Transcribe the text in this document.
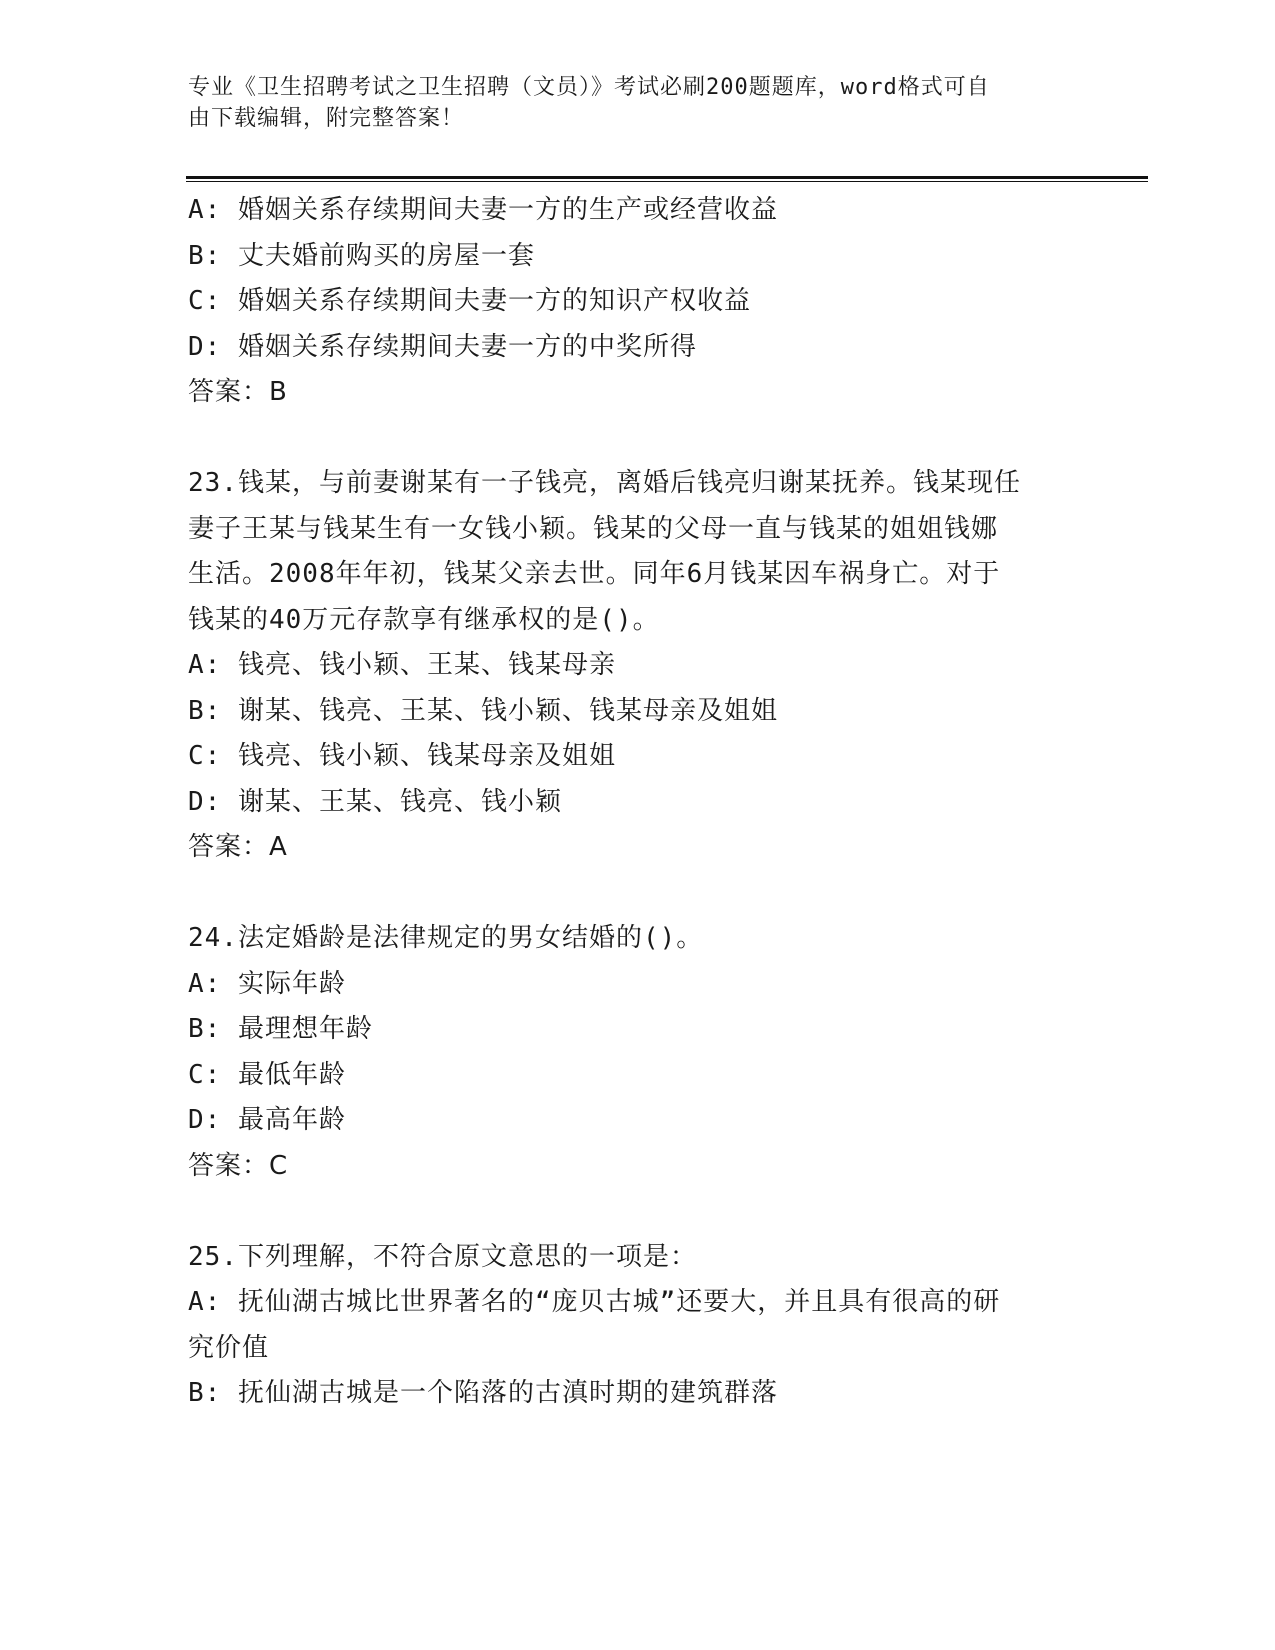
专业《卫生招聘考试之卫生招聘（文员）》考试必刷200题题库，word格式可自
由下载编辑，附完整答案！
A: 婚姻关系存续期间夫妻一方的生产或经营收益
B: 丈夫婚前购买的房屋一套
C: 婚姻关系存续期间夫妻一方的知识产权收益
D: 婚姻关系存续期间夫妻一方的中奖所得
答案：B
23.钱某，与前妻谢某有一子钱亮，离婚后钱亮归谢某抚养。钱某现任
妻子王某与钱某生有一女钱小颖。钱某的父母一直与钱某的姐姐钱娜
生活。2008年年初，钱某父亲去世。同年6月钱某因车祸身亡。对于
钱某的40万元存款享有继承权的是()。
A: 钱亮、钱小颖、王某、钱某母亲
B: 谢某、钱亮、王某、钱小颖、钱某母亲及姐姐
C: 钱亮、钱小颖、钱某母亲及姐姐
D: 谢某、王某、钱亮、钱小颖
答案：A
24.法定婚龄是法律规定的男女结婚的()。
A: 实际年龄
B: 最理想年龄
C: 最低年龄
D: 最高年龄
答案：C
25.下列理解，不符合原文意思的一项是：
A: 抚仙湖古城比世界著名的“庞贝古城”还要大，并且具有很高的研
究价值
B: 抚仙湖古城是一个陷落的古滇时期的建筑群落
